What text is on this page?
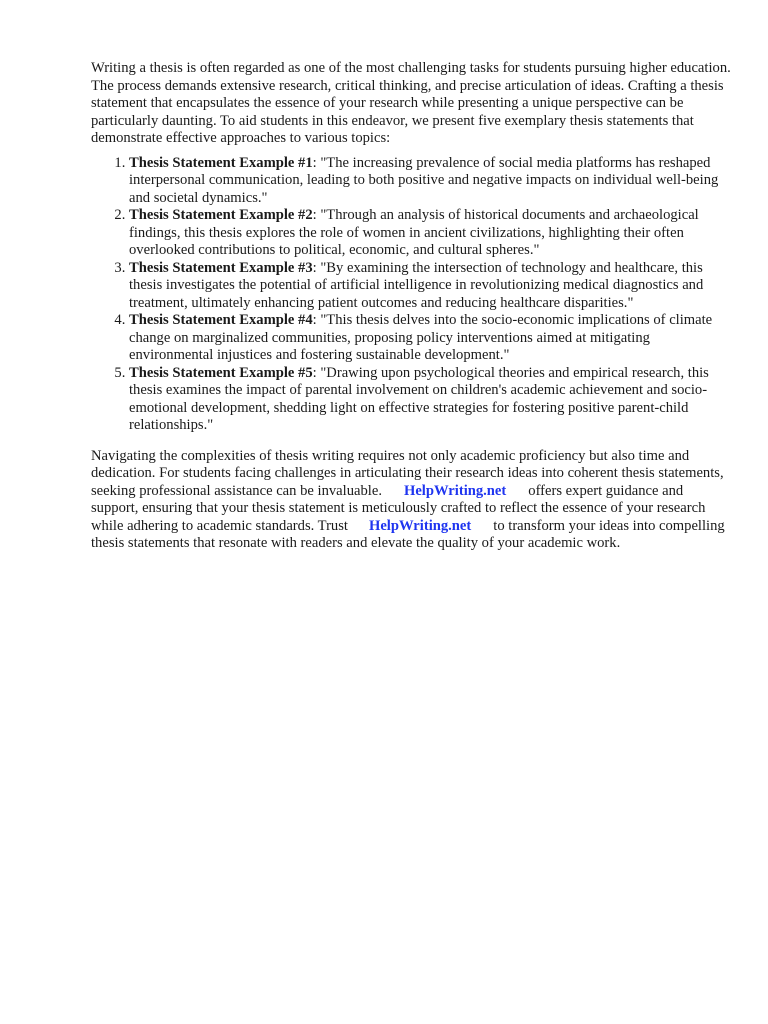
Writing a thesis is often regarded as one of the most challenging tasks for students pursuing higher education. The process demands extensive research, critical thinking, and precise articulation of ideas. Crafting a thesis statement that encapsulates the essence of your research while presenting a unique perspective can be particularly daunting. To aid students in this endeavor, we present five exemplary thesis statements that demonstrate effective approaches to various topics:

1. Thesis Statement Example #1: "The increasing prevalence of social media platforms has reshaped interpersonal communication, leading to both positive and negative impacts on individual well-being and societal dynamics."
2. Thesis Statement Example #2: "Through an analysis of historical documents and archaeological findings, this thesis explores the role of women in ancient civilizations, highlighting their often overlooked contributions to political, economic, and cultural spheres."
3. Thesis Statement Example #3: "By examining the intersection of technology and healthcare, this thesis investigates the potential of artificial intelligence in revolutionizing medical diagnostics and treatment, ultimately enhancing patient outcomes and reducing healthcare disparities."
4. Thesis Statement Example #4: "This thesis delves into the socio-economic implications of climate change on marginalized communities, proposing policy interventions aimed at mitigating environmental injustices and fostering sustainable development."
5. Thesis Statement Example #5: "Drawing upon psychological theories and empirical research, this thesis examines the impact of parental involvement on children's academic achievement and socio-emotional development, shedding light on effective strategies for fostering positive parent-child relationships."

Navigating the complexities of thesis writing requires not only academic proficiency but also time and dedication. For students facing challenges in articulating their research ideas into coherent thesis statements, seeking professional assistance can be invaluable. HelpWriting.net offers expert guidance and support, ensuring that your thesis statement is meticulously crafted to reflect the essence of your research while adhering to academic standards. Trust HelpWriting.net to transform your ideas into compelling thesis statements that resonate with readers and elevate the quality of your academic work.
